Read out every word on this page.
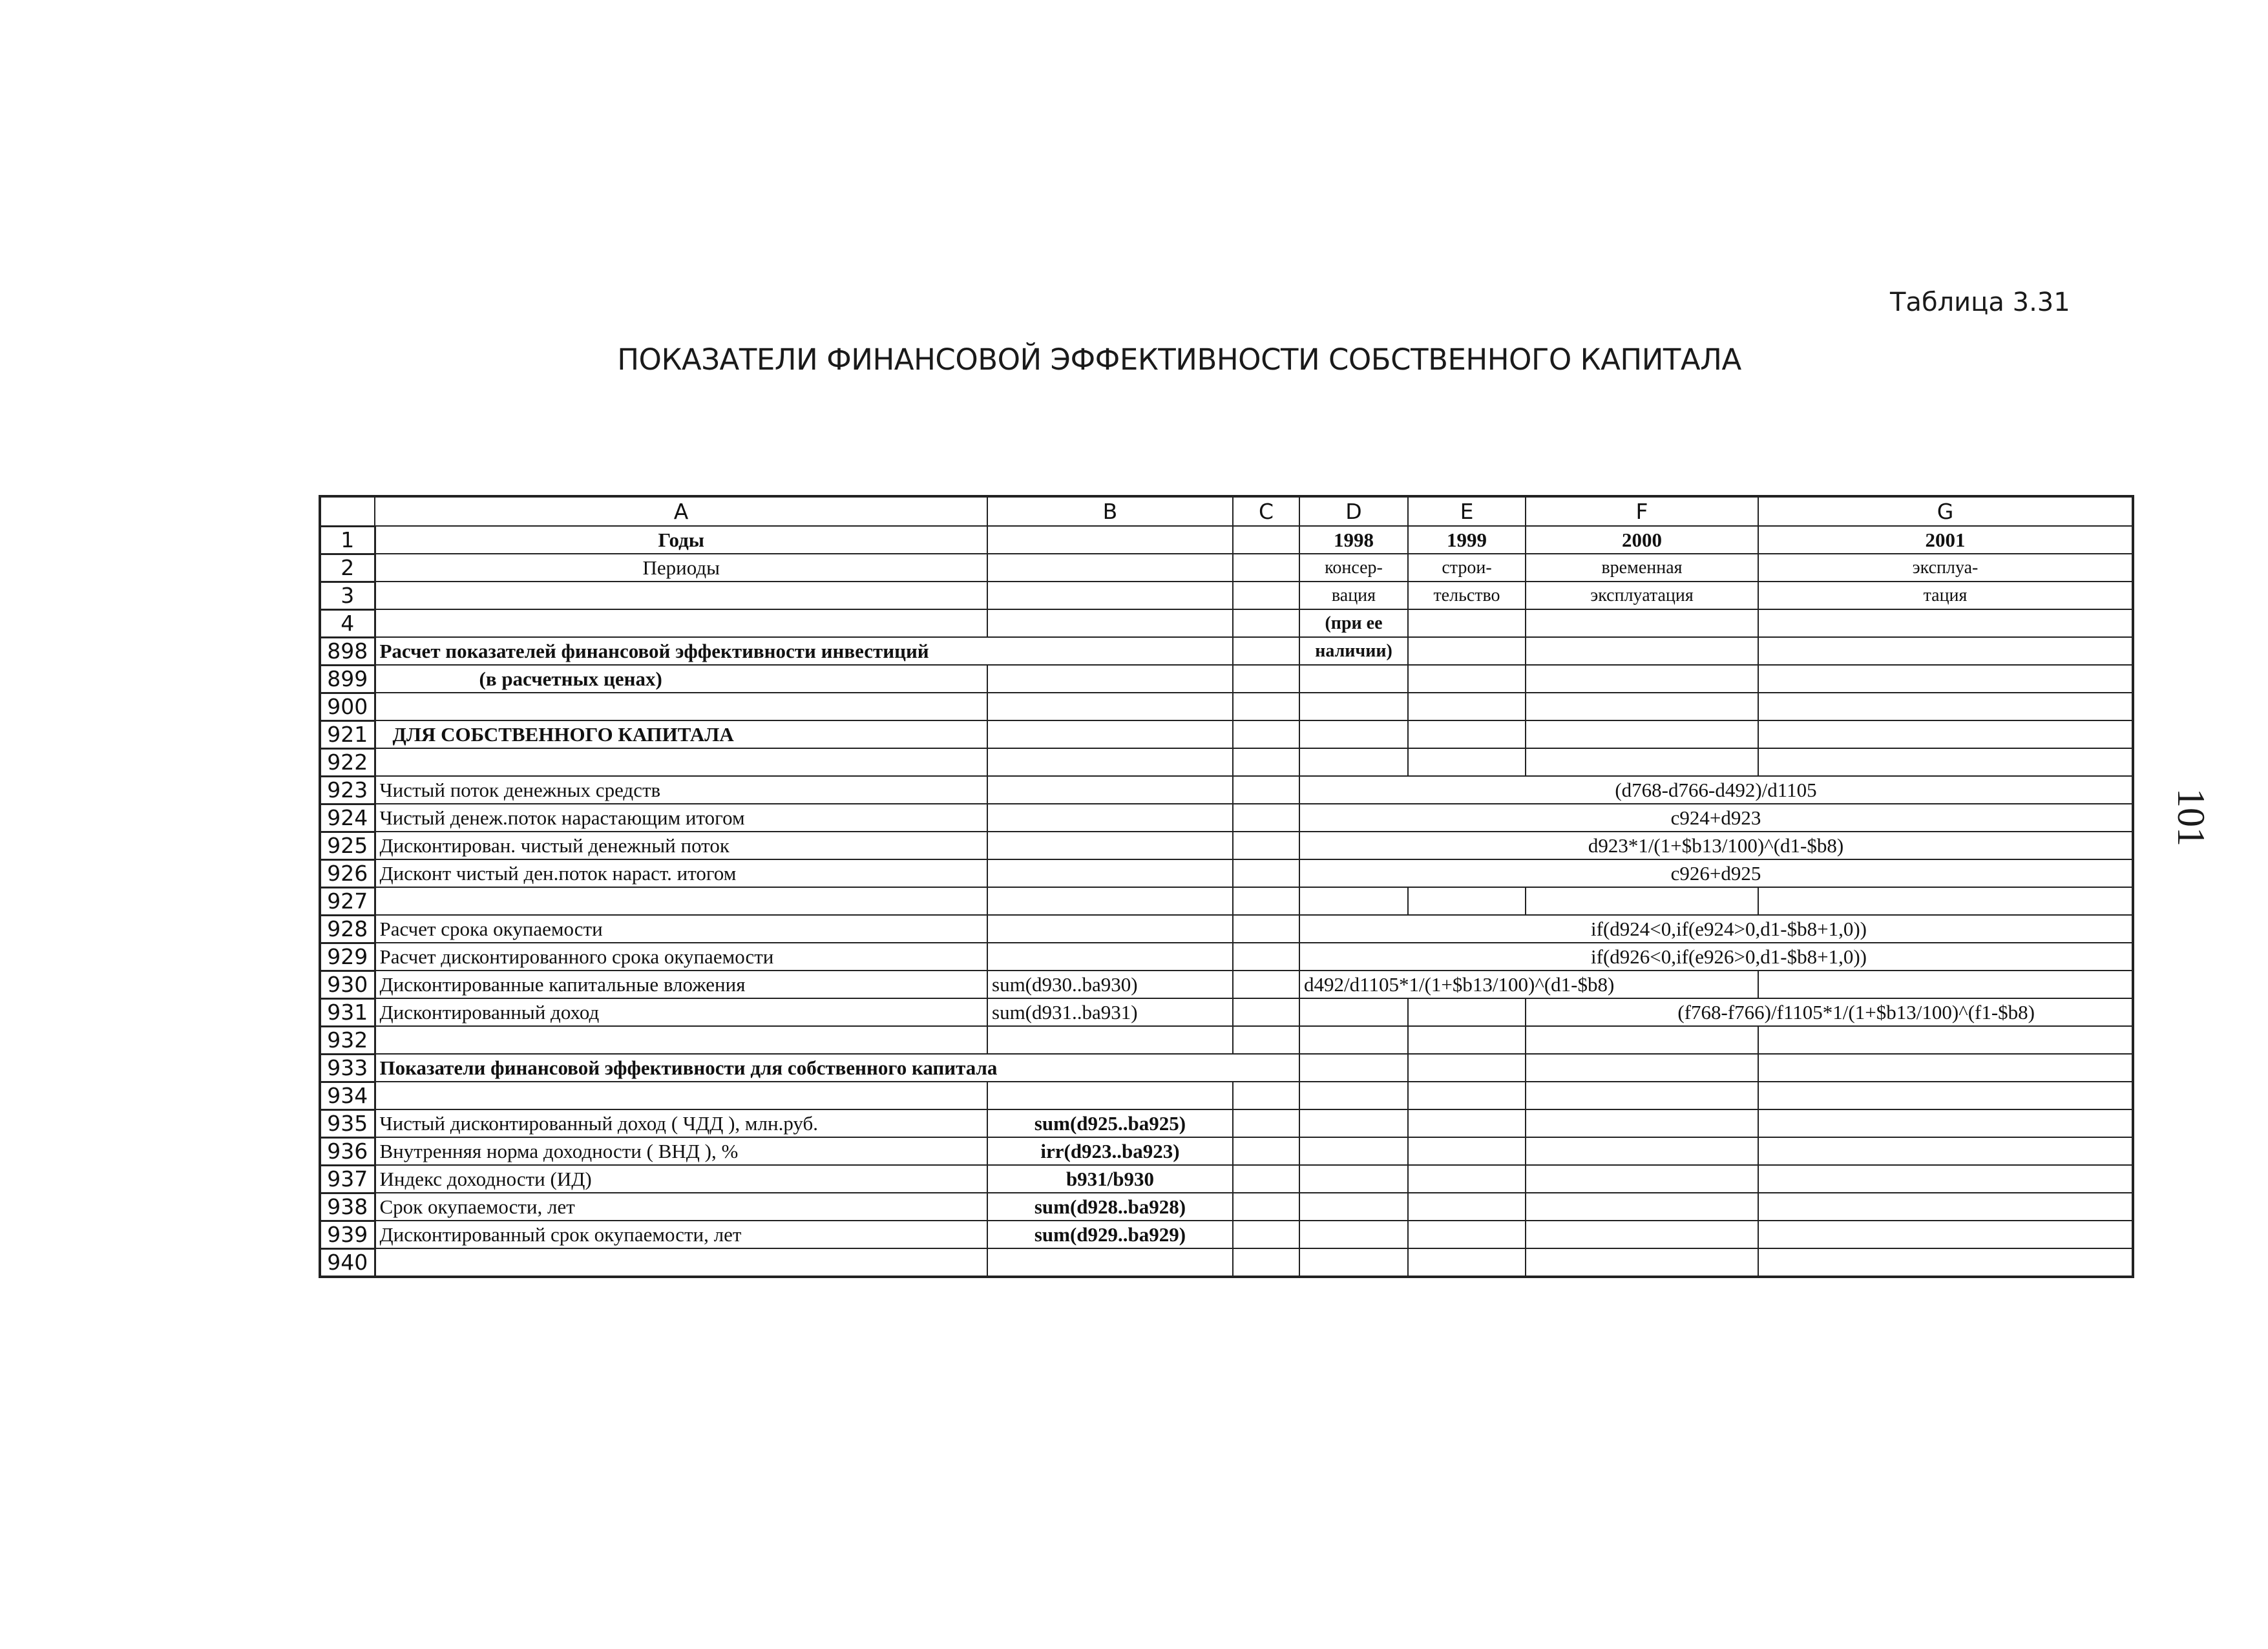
Таблица 3.31
ПОКАЗАТЕЛИ ФИНАНСОВОЙ ЭФФЕКТИВНОСТИ СОБСТВЕННОГО КАПИТАЛА
101
	A	B	C	D	E	F	G
1	Годы			1998	1999	2000	2001
2	Периоды			консер-	строи-	временная	эксплуа-
3				вация	тельство	эксплуатация	тация
4				(при ее			
898	Расчет показателей финансовой эффективности инвестиций			наличии)			
899	(в расчетных ценах)						
900							
921	ДЛЯ СОБСТВЕННОГО КАПИТАЛА						
922							
923	Чистый поток денежных средств			(d768-d766-d492)/d1105			
924	Чистый денеж.поток нарастающим итогом			c924+d923			
925	Дисконтирован. чистый денежный поток			d923*1/(1+$b13/100)^(d1-$b8)			
926	Дисконт чистый ден.поток нараст. итогом			c926+d925			
927							
928	Расчет срока окупаемости			if(d924<0,if(e924>0,d1-$b8+1,0))			
929	Расчет дисконтированного срока окупаемости			if(d926<0,if(e926>0,d1-$b8+1,0))			
930	Дисконтированные капитальные вложения	sum(d930..ba930)		d492/d1105*1/(1+$b13/100)^(d1-$b8)			
931	Дисконтированный доход	sum(d931..ba931)				(f768-f766)/f1105*1/(1+$b13/100)^(f1-$b8)	
932							
933	Показатели финансовой эффективности для собственного капитала						
934							
935	Чистый дисконтированный доход ( ЧДД ), млн.руб.	sum(d925..ba925)					
936	Внутренняя норма доходности ( ВНД ), %	irr(d923..ba923)					
937	Индекс доходности (ИД)	b931/b930					
938	Срок окупаемости, лет	sum(d928..ba928)					
939	Дисконтированный срок окупаемости, лет	sum(d929..ba929)					
940							
